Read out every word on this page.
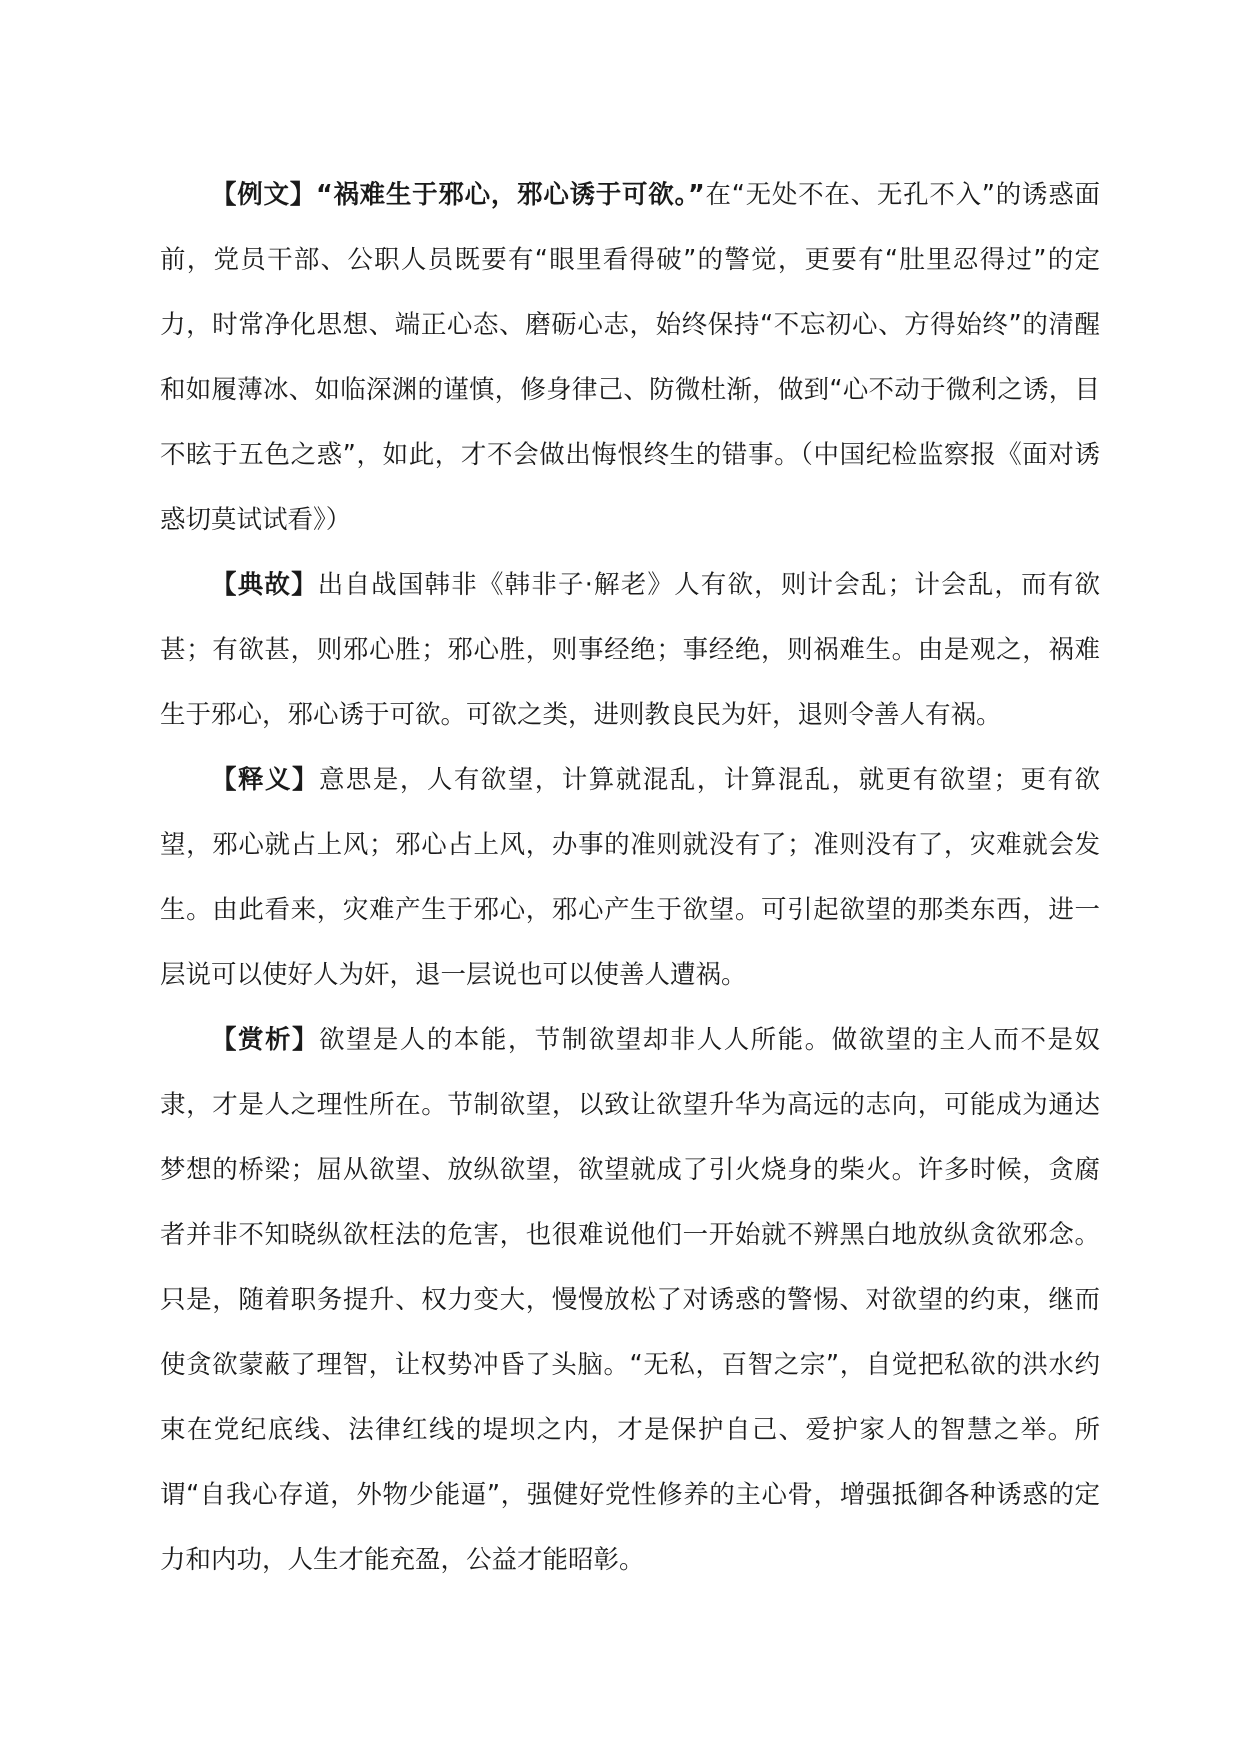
【例文】“祸难生于邪心，邪心诱于可欲。”在“无处不在、无孔不入”的诱惑面前，党员干部、公职人员既要有“眼里看得破”的警觉，更要有“肚里忍得过”的定力，时常净化思想、端正心态、磨砺心志，始终保持“不忘初心、方得始终”的清醒和如履薄冰、如临深渊的谨慎，修身律己、防微杜渐，做到“心不动于微利之诱，目不眩于五色之惑”，如此，才不会做出悔恨终生的错事。（中国纪检监察报《面对诱惑切莫试试看》）

【典故】出自战国韩非《韩非子·解老》人有欲，则计会乱；计会乱，而有欲甚；有欲甚，则邪心胜；邪心胜，则事经绝；事经绝，则祸难生。由是观之，祸难生于邪心，邪心诱于可欲。可欲之类，进则教良民为奸，退则令善人有祸。

【释义】意思是，人有欲望，计算就混乱，计算混乱，就更有欲望；更有欲望，邪心就占上风；邪心占上风，办事的准则就没有了；准则没有了，灾难就会发生。由此看来，灾难产生于邪心，邪心产生于欲望。可引起欲望的那类东西，进一层说可以使好人为奸，退一层说也可以使善人遭祸。

【赏析】欲望是人的本能，节制欲望却非人人所能。做欲望的主人而不是奴隶，才是人之理性所在。节制欲望，以致让欲望升华为高远的志向，可能成为通达梦想的桥梁；屈从欲望、放纵欲望，欲望就成了引火烧身的柴火。许多时候，贪腐者并非不知晓纵欲枉法的危害，也很难说他们一开始就不辨黑白地放纵贪欲邪念。只是，随着职务提升、权力变大，慢慢放松了对诱惑的警惕、对欲望的约束，继而使贪欲蒙蔽了理智，让权势冲昏了头脑。“无私，百智之宗”，自觉把私欲的洪水约束在党纪底线、法律红线的堤坝之内，才是保护自己、爱护家人的智慧之举。所谓“自我心存道，外物少能逼”，强健好党性修养的主心骨，增强抵御各种诱惑的定力和内功，人生才能充盈，公益才能昭彰。
